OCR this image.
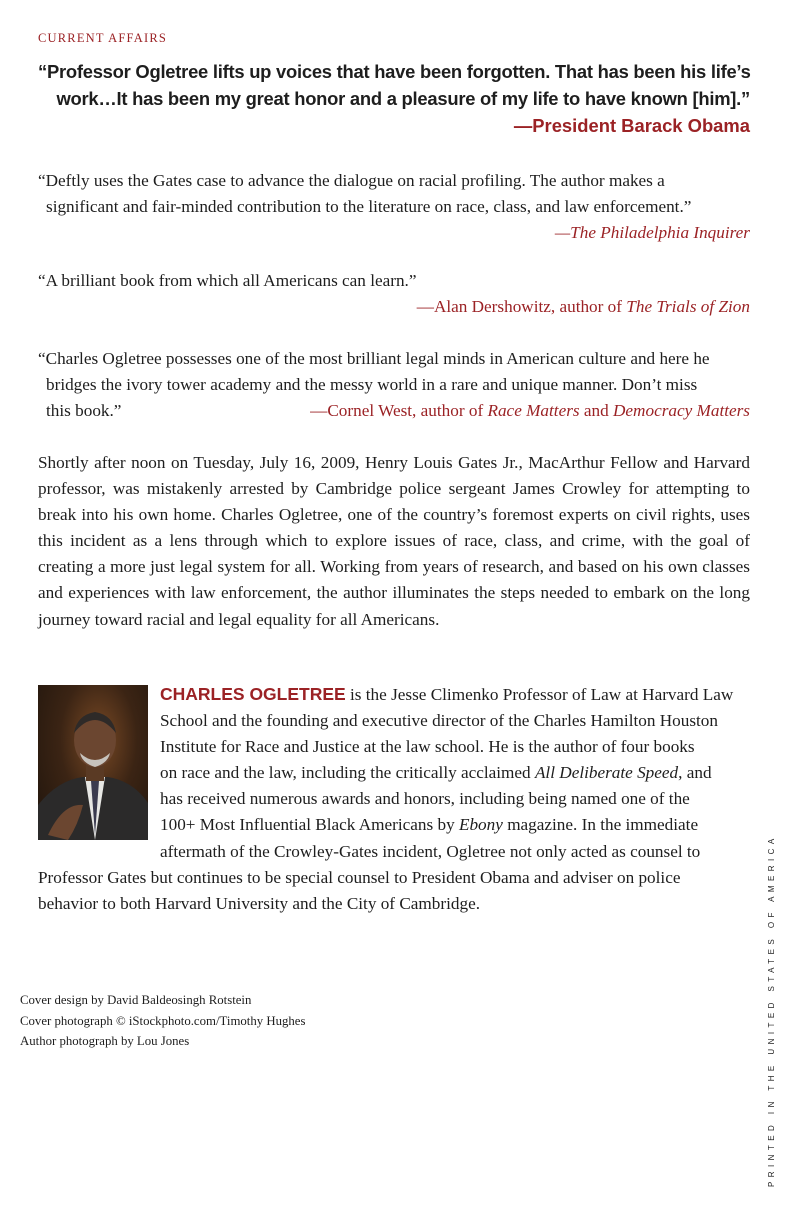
CURRENT AFFAIRS
“Professor Ogletree lifts up voices that have been forgotten. That has been his life’s
work…It has been my great honor and a pleasure of my life to have known [him].”
—President Barack Obama
“Deftly uses the Gates case to advance the dialogue on racial profiling. The author makes a
significant and fair-minded contribution to the literature on race, class, and law enforcement.”
—The Philadelphia Inquirer
“A brilliant book from which all Americans can learn.”
—Alan Dershowitz, author of The Trials of Zion
“Charles Ogletree possesses one of the most brilliant legal minds in American culture and here he
bridges the ivory tower academy and the messy world in a rare and unique manner. Don’t miss
this book.”	—Cornel West, author of Race Matters and Democracy Matters
Shortly after noon on Tuesday, July 16, 2009, Henry Louis Gates Jr., MacArthur Fellow and Harvard professor, was mistakenly arrested by Cambridge police sergeant James Crowley for attempting to break into his own home. Charles Ogletree, one of the country’s foremost experts on civil rights, uses this incident as a lens through which to explore issues of race, class, and crime, with the goal of creating a more just legal system for all. Working from years of research, and based on his own classes and experiences with law enforcement, the author illuminates the steps needed to embark on the long journey toward racial and legal equality for all Americans.
CHARLES OGLETREE is the Jesse Climenko Professor of Law at Harvard Law
School and the founding and executive director of the Charles Hamilton Houston
Institute for Race and Justice at the law school. He is the author of four books
on race and the law, including the critically acclaimed All Deliberate Speed, and
has received numerous awards and honors, including being named one of the
100+ Most Influential Black Americans by Ebony magazine. In the immediate
aftermath of the Crowley-Gates incident, Ogletree not only acted as counsel to
Professor Gates but continues to be special counsel to President Obama and adviser on police
behavior to both Harvard University and the City of Cambridge.
Cover design by David Baldeosingh Rotstein
Cover photograph © iStockphoto.com/Timothy Hughes
Author photograph by Lou Jones	PRINTED IN THE UNITED STATES OF AMERICA
